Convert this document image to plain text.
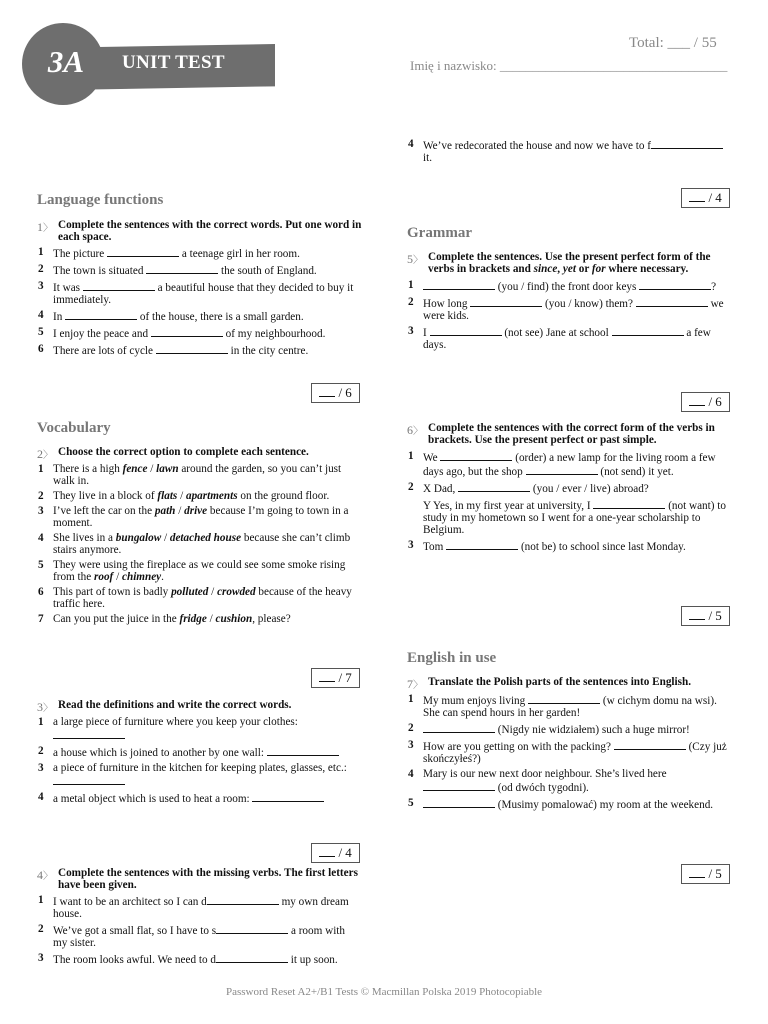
3A	UNIT TEST
Total: ___ / 55
Imię i nazwisko: ___________________________________
Language functions
1〉 Complete the sentences with the correct words. Put one word in each space.
1 The picture	a teenage girl in her room.
2 The town is situated	the south of England.
3 It was	a beautiful house that they decided to buy it immediately.
4 In	of the house, there is a small garden.
5 I enjoy the peace and	of my neighbourhood.
6 There are lots of cycle	in the city centre.
/ 6
Vocabulary
2〉 Choose the correct option to complete each sentence.
1 There is a high fence / lawn around the garden, so you can’t just walk in.
2 They live in a block of flats / apartments on the ground floor.
3 I’ve left the car on the path / drive because I’m going to town in a moment.
4 She lives in a bungalow / detached house because she can’t climb stairs anymore.
5 They were using the fireplace as we could see some smoke rising from the roof / chimney.
6 This part of town is badly polluted / crowded because of the heavy traffic here.
7 Can you put the juice in the fridge / cushion, please?
/ 7
3〉 Read the definitions and write the correct words.
1 a large piece of furniture where you keep your clothes:
2 a house which is joined to another by one wall:
3 a piece of furniture in the kitchen for keeping plates, glasses, etc.:
4 a metal object which is used to heat a room:
/ 4
4〉 Complete the sentences with the missing verbs. The first letters have been given.
1 I want to be an architect so I can d	my own dream house.
2 We’ve got a small flat, so I have to s	a room with my sister.
3 The room looks awful. We need to d	it up soon.
4 We’ve redecorated the house and now we have to f it.
/ 4
Grammar
5〉 Complete the sentences. Use the present perfect form of the verbs in brackets and since, yet or for where necessary.
1	(you / find) the front door keys	?
2 How long	(you / know) them?	we were kids.
3 I	(not see) Jane at school	a few days.
/ 6
6〉 Complete the sentences with the correct form of the verbs in brackets. Use the present perfect or past simple.
1 We	(order) a new lamp for the living room a few days ago, but the shop	(not send) it yet.
2 X Dad,	(you / ever / live) abroad?
Y Yes, in my first year at university, I	(not want) to study in my hometown so I went for a one-year scholarship to Belgium.
3 Tom	(not be) to school since last Monday.
/ 5
English in use
7〉 Translate the Polish parts of the sentences into English.
1 My mum enjoys living	(w cichym domu na wsi). She can spend hours in her garden!
2	(Nigdy nie widziałem) such a huge mirror!
3 How are you getting on with the packing?	(Czy już skończyłeś?)
4 Mary is our new next door neighbour. She’s lived here  (od dwóch tygodni).
5	(Musimy pomalować) my room at the weekend.
/ 5
Password Reset A2+/B1 Tests © Macmillan Polska 2019 Photocopiable
